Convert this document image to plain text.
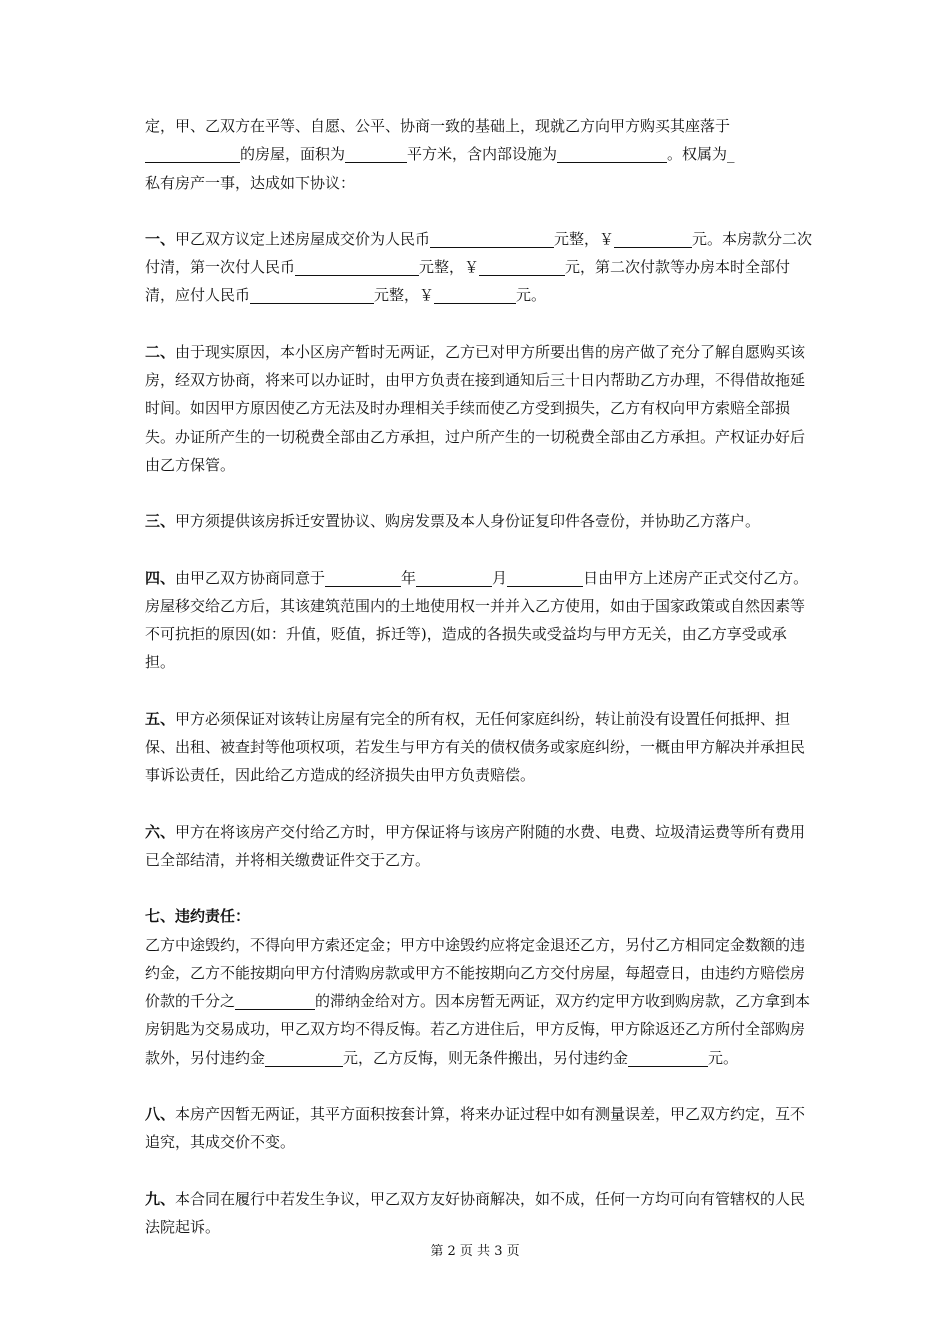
定，甲、乙双方在平等、自愿、公平、协商一致的基础上，现就乙方向甲方购买其座落于
的房屋，面积为	平方米，含内部设施为	。权属为_
私有房产一事，达成如下协议：

一、甲乙双方议定上述房屋成交价为人民币	元整，￥	元。本房款分二次付清，第一次付人民币	元整，￥	元，第二次付款等办房本时全部付清，应付人民币	元整，￥	元。

二、由于现实原因，本小区房产暂时无两证，乙方已对甲方所要出售的房产做了充分了解自愿购买该房，经双方协商，将来可以办证时，由甲方负责在接到通知后三十日内帮助乙方办理，不得借故拖延时间。如因甲方原因使乙方无法及时办理相关手续而使乙方受到损失，乙方有权向甲方索赔全部损失。办证所产生的一切税费全部由乙方承担，过户所产生的一切税费全部由乙方承担。产权证办好后由乙方保管。

三、甲方须提供该房拆迁安置协议、购房发票及本人身份证复印件各壹份，并协助乙方落户。

四、由甲乙双方协商同意于	年	月	日由甲方上述房产正式交付乙方。房屋移交给乙方后，其该建筑范围内的土地使用权一并并入乙方使用，如由于国家政策或自然因素等不可抗拒的原因(如：升值，贬值，拆迁等)，造成的各损失或受益均与甲方无关，由乙方享受或承担。

五、甲方必须保证对该转让房屋有完全的所有权，无任何家庭纠纷，转让前没有设置任何抵押、担保、出租、被查封等他项权项，若发生与甲方有关的债权债务或家庭纠纷，一概由甲方解决并承担民事诉讼责任，因此给乙方造成的经济损失由甲方负责赔偿。

六、甲方在将该房产交付给乙方时，甲方保证将与该房产附随的水费、电费、垃圾清运费等所有费用已全部结清，并将相关缴费证件交于乙方。

七、违约责任：

乙方中途毁约，不得向甲方索还定金；甲方中途毁约应将定金退还乙方，另付乙方相同定金数额的违约金，乙方不能按期向甲方付清购房款或甲方不能按期向乙方交付房屋，每超壹日，由违约方赔偿房价款的千分之	的滞纳金给对方。因本房暂无两证，双方约定甲方收到购房款，乙方拿到本房钥匙为交易成功，甲乙双方均不得反悔。若乙方进住后，甲方反悔，甲方除返还乙方所付全部购房款外，另付违约金	元，乙方反悔，则无条件搬出，另付违约金	元。

八、本房产因暂无两证，其平方面积按套计算，将来办证过程中如有测量误差，甲乙双方约定，互不追究，其成交价不变。

九、本合同在履行中若发生争议，甲乙双方友好协商解决，如不成，任何一方均可向有管辖权的人民法院起诉。

第 2 页 共 3 页
